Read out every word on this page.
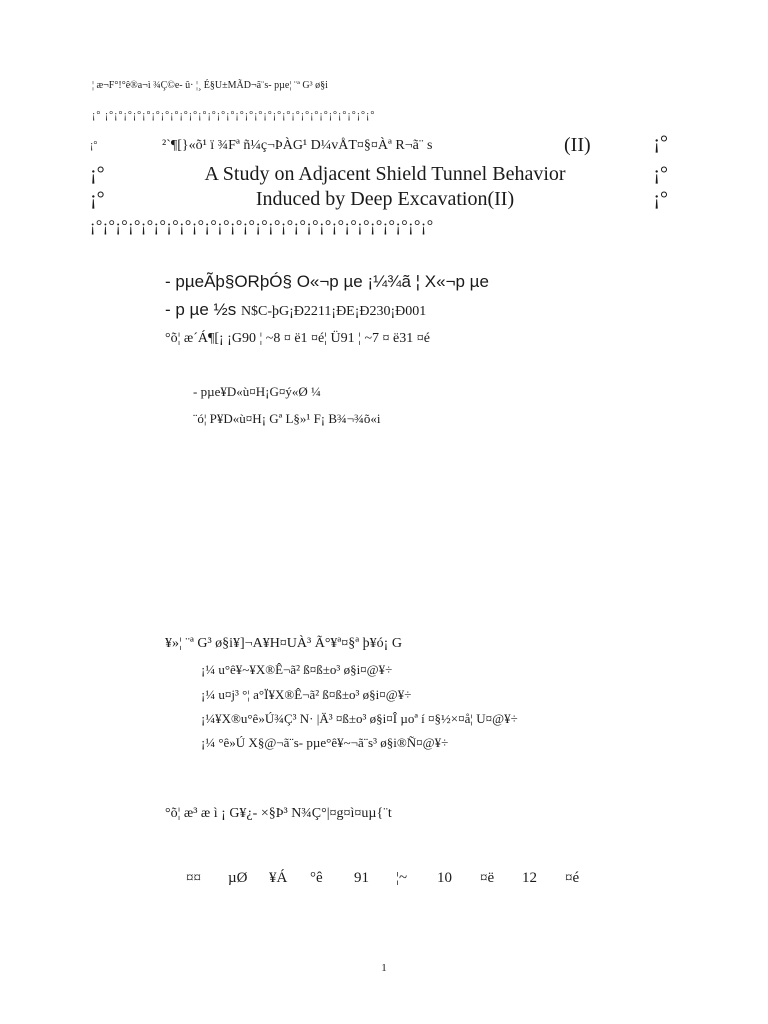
¦ æ¬F°!°ê®a¬ì ¾Ç©e- û· ¦¸ É§U±MÃD¬ã¨s- pµe¦ ¨ª G³ ø§i
¡° ¡°¡°¡°¡°¡°¡°¡°¡°¡°¡°¡°¡°¡°¡°¡°¡°¡°¡°¡°¡°¡°¡°¡°¡°¡°¡°¡°¡°¡°
¡°	²`¶[}«õ¹ ï ¾Fª ñ¼ç¬ÞÀG¹ D¼vÅT¤§¤Àª R¬ã¨ s	(II)	¡°
¡°	A Study on Adjacent Shield Tunnel Behavior	¡°
¡°	Induced by Deep Excavation(II)	¡°
¡°¡°¡°¡°¡°¡°¡°¡°¡°¡°¡°¡°¡°¡°¡°¡°¡°¡°¡°¡°¡°¡°¡°¡°¡°¡°¡°
- pµeÃþ§ORþÓ§ O«¬p µe ¡¼¾ã ¦ X«¬p µe
- p µe ½s N$C-þG¡Ð2211¡ÐE¡Ð230¡Ð001
°õ¦ æ´Á¶[¡ ¡G90 ¦ ~8 ¤ ë1 ¤é¦ Ü91 ¦ ~7 ¤ ë31 ¤é
- pµe¥D«ù¤H¡G¤ý«Ø ¼
¨ó¦ P¥D«ù¤H¡ Gª L§»¹ F¡ B¾¬¾õ«i
¥»¦ ¨ª G³ ø§i¥]¬A¥H¤UÀ³ Ã°¥ª¤§ª þ¥ó¡ G
¡¼ u°ê¥~¥X®Ê¬ã² ß¤ß±o³ ø§i¤@¥÷
¡¼ u¤j³ °¦ a°Ï¥X®Ê¬ã² ß¤ß±o³ ø§i¤@¥÷
¡¼¥X®u°ê»Ú¾Ç³ N· |Ä³ ¤ß±o³ ø§i¤Î µoª í ¤§½×¤å¦ U¤@¥÷
¡¼ °ê»Ú X§@¬ã¨s- pµe°ê¥~¬ã¨s³ ø§i®Ñ¤@¥÷
°õ¦ æ³ æ ì ¡ G¥¿- ×§Þ³ N¾Ç°|¤g¤ì¤uµ{¨t
¤¤ µØ ¥Á °ê 91 ¦~ 10 ¤ë 12 ¤é
1
